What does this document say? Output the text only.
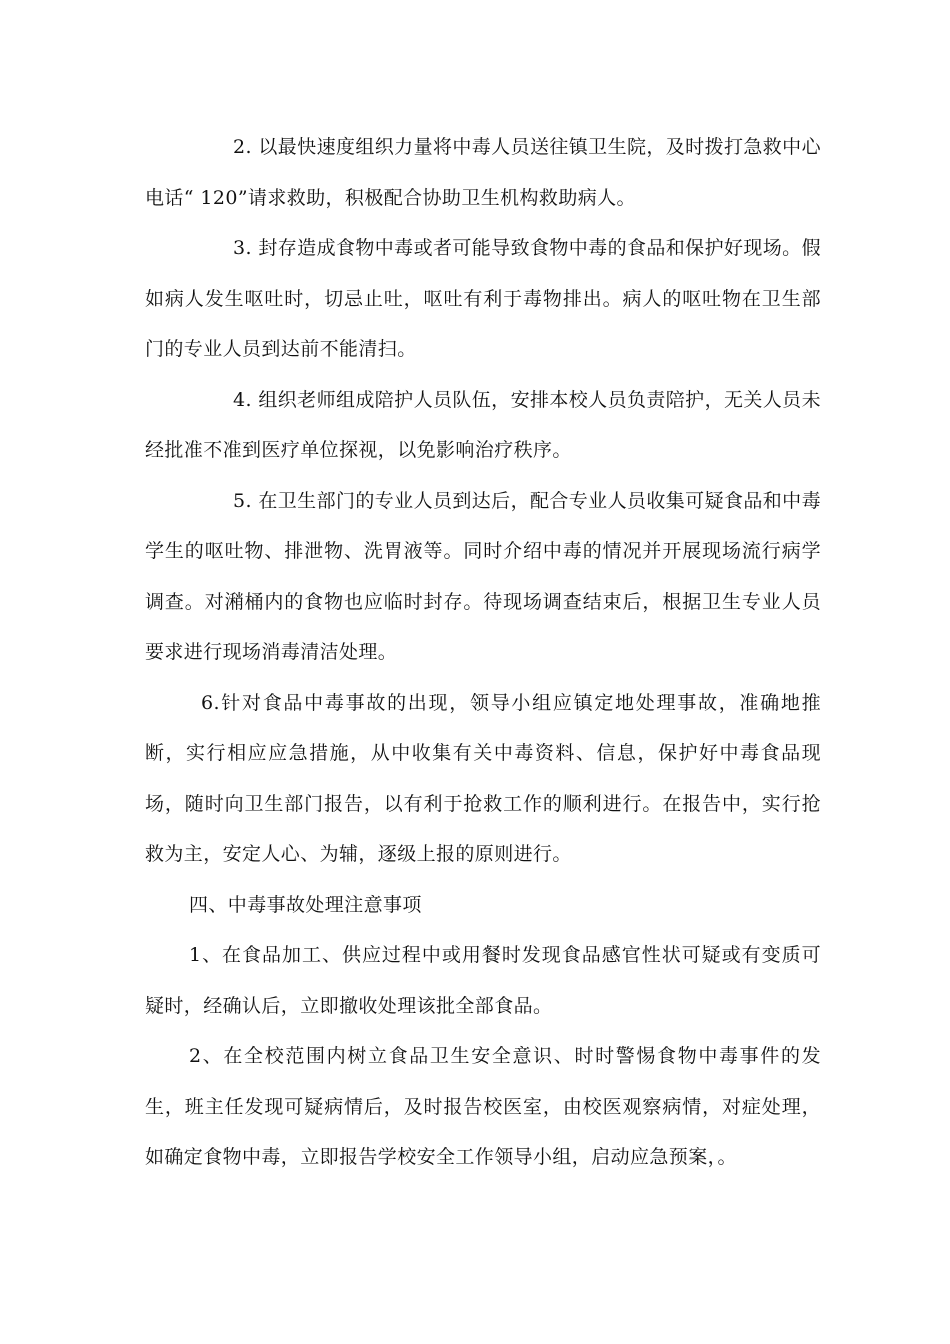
2. 以最快速度组织力量将中毒人员送往镇卫生院，及时拨打急救中心电话“ 120”请求救助，积极配合协助卫生机构救助病人。

3. 封存造成食物中毒或者可能导致食物中毒的食品和保护好现场。假如病人发生呕吐时，切忌止吐，呕吐有利于毒物排出。病人的呕吐物在卫生部门的专业人员到达前不能清扫。

4. 组织老师组成陪护人员队伍，安排本校人员负责陪护，无关人员未经批准不准到医疗单位探视，以免影响治疗秩序。

5. 在卫生部门的专业人员到达后，配合专业人员收集可疑食品和中毒学生的呕吐物、排泄物、洗胃液等。同时介绍中毒的情况并开展现场流行病学调查。对潲桶内的食物也应临时封存。待现场调查结束后，根据卫生专业人员要求进行现场消毒清洁处理。

6.针对食品中毒事故的出现，领导小组应镇定地处理事故，准确地推断，实行相应应急措施，从中收集有关中毒资料、信息，保护好中毒食品现场，随时向卫生部门报告，以有利于抢救工作的顺利进行。在报告中，实行抢救为主，安定人心、为辅，逐级上报的原则进行。

四、中毒事故处理注意事项

1、在食品加工、供应过程中或用餐时发现食品感官性状可疑或有变质可疑时，经确认后，立即撤收处理该批全部食品。

2、在全校范围内树立食品卫生安全意识、时时警惕食物中毒事件的发生，班主任发现可疑病情后，及时报告校医室，由校医观察病情，对症处理，如确定食物中毒，立即报告学校安全工作领导小组，启动应急预案，。
